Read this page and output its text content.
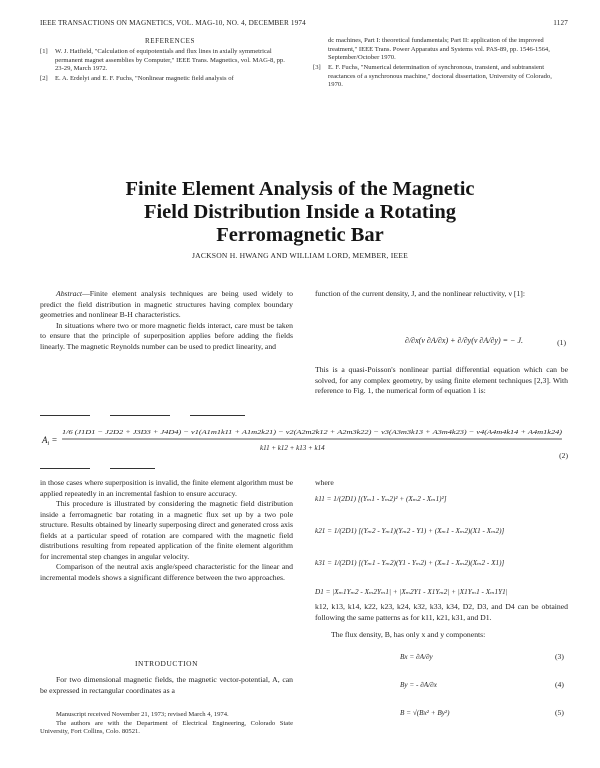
IEEE TRANSACTIONS ON MAGNETICS, VOL. MAG-10, NO. 4, DECEMBER 1974	1127
REFERENCES
[1] W. J. Hatfield, "Calculation of equipotentials and flux lines in axially symmetrical permanent magnet assemblies by Computer," IEEE Trans. Magnetics, vol. MAG-8, pp. 23-29, March 1972.
[2] E. A. Erdelyi and E. F. Fuchs, "Nonlinear magnetic field analysis of
dc machines, Part I: theoretical fundamentals; Part II: application of the improved treatment," IEEE Trans. Power Apparatus and Systems vol. PAS-89, pp. 1546-1564, September/October 1970.
[3] E. F. Fuchs, "Numerical determination of synchronous, transient, and subtransient reactances of a synchronous machine," doctoral dissertation, University of Colorado, 1970.
Finite Element Analysis of the Magnetic Field Distribution Inside a Rotating Ferromagnetic Bar
JACKSON H. HWANG AND WILLIAM LORD, MEMBER, IEEE

Abstract—Finite element analysis techniques are being used widely to predict the field distribution in magnetic structures having complex boundary geometries and nonlinear B-H characteristics.

In situations where two or more magnetic fields interact, care must be taken to ensure that the principle of superposition applies before adding the fields linearly. The magnetic Reynolds number can be used to predict linearity, and

function of the current density, J, and the nonlinear reluctivity, ν [1]:
∂/∂x(ν ∂A/∂x) + ∂/∂y(ν ∂A/∂y) = − J.	(1)
This is a quasi-Poisson's nonlinear partial differential equation which can be solved, for any complex geometry, by using finite element techniques [2,3]. With reference to Fig. 1, the numerical form of equation 1 is:
$A_i$ =
1/6 (J1D1 − J2D2 + J3D3 + J4D4) − ν1(A1m1k11 + A1m2k21) − ν2(A2m2k12 + A2m3k22) − ν3(A3m3k13 + A3m4k23) − ν4(A4m4k14 + A4m1k24)
k11 + k12 + k13 + k14
(2)

in those cases where superposition is invalid, the finite element algorithm must be applied repeatedly in an incremental fashion to ensure accuracy.

This procedure is illustrated by considering the magnetic field distribution inside a ferromagnetic bar rotating in a magnetic flux set up by a two pole structure. Results obtained by linearly superposing direct and generated cross axis fields at a particular speed of rotation are compared with the magnetic field distributions resulting from repeated application of the finite element algorithm for incremental step changes in angular velocity.

Comparison of the neutral axis angle/speed characteristic for the linear and incremental models shows a significant difference between the two approaches.

INTRODUCTION

For two dimensional magnetic fields, the magnetic vector-potential, A, can be expressed in rectangular coordinates as a

Manuscript received November 21, 1973; revised March 4, 1974.
The authors are with the Department of Electrical Engineering, Colorado State University, Fort Collins, Colo. 80521.
where
k11 = 1/(2D1) [(Yₘ1 - Yₘ2)² + (Xₘ2 - Xₘ1)²]
k21 = 1/(2D1) [(Yₘ2 - Yₘ1)(Yₘ2 - Y1) + (Xₘ1 - Xₘ2)(X1 - Xₘ2)]
k31 = 1/(2D1) [(Yₘ1 - Yₘ2)(Y1 - Yₘ2) + (Xₘ1 - Xₘ2)(Xₘ2 - X1)]
D1 = |Xₘ1Yₘ2 - Xₘ2Yₘ1| + |Xₘ2Y1 - X1Yₘ2| + |X1Yₘ1 - Xₘ1Y1|
k12, k13, k14, k22, k23, k24, k32, k33, k34, D2, D3, and D4 can be obtained following the same patterns as for k11, k21, k31, and D1.

The flux density, B, has only x and y components:

Bx = ∂A/∂y	(3)
By = - ∂A/∂x	(4)
B = √(Bx² + By²)	(5)
